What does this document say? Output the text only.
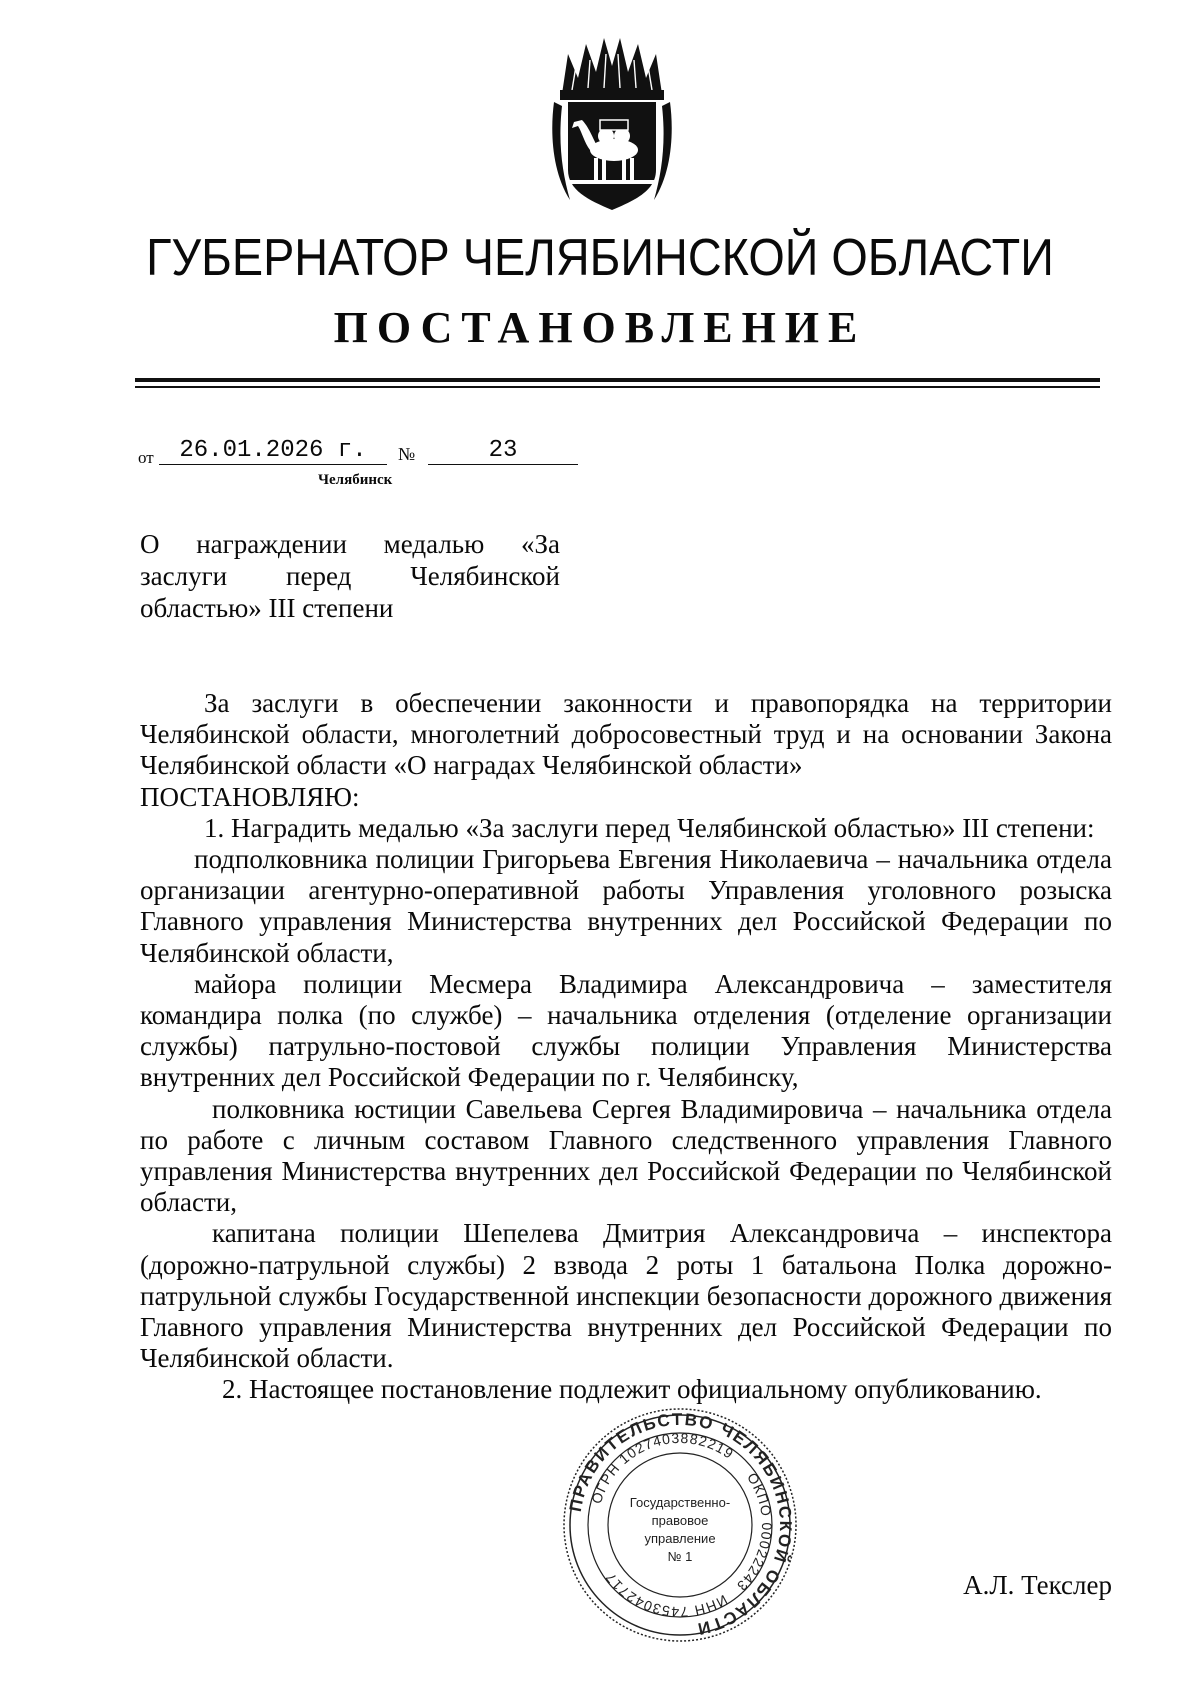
ГУБЕРНАТОР ЧЕЛЯБИНСКОЙ ОБЛАСТИ
ПОСТАНОВЛЕНИЕ
от	26.01.2026 г.	№	23
Челябинск
О награждении медалью «За
заслуги перед Челябинской
областью» III степени

За заслуги в обеспечении законности и правопорядка на территории Челябинской области, многолетний добросовестный труд и на основании Закона Челябинской области «О наградах Челябинской области»

ПОСТАНОВЛЯЮ:

1. Наградить медалью «За заслуги перед Челябинской областью» III степени:

подполковника полиции Григорьева Евгения Николаевича – начальника отдела организации агентурно-оперативной работы Управления уголовного розыска Главного управления Министерства внутренних дел Российской Федерации по Челябинской области,

майора полиции Месмера Владимира Александровича – заместителя командира полка (по службе) – начальника отделения (отделение организации службы) патрульно-постовой службы полиции Управления Министерства внутренних дел Российской Федерации по г. Челябинску,

полковника юстиции Савельева Сергея Владимировича – начальника отдела по работе с личным составом Главного следственного управления Главного управления Министерства внутренних дел Российской Федерации по Челябинской области,

капитана полиции Шепелева Дмитрия Александровича – инспектора (дорожно-патрульной службы) 2 взвода 2 роты 1 батальона Полка дорожно-патрульной службы Государственной инспекции безопасности дорожного движения Главного управления Министерства внутренних дел Российской Федерации по Челябинской области.

2. Настоящее постановление подлежит официальному опубликованию.

ПРАВИТЕЛЬСТВО ЧЕЛЯБИНСКОЙ ОБЛАСТИ
ОГРН 1027403882219
ОКПО 00022243
ИНН 7453042717
Государственно-
правовое
управление
№ 1
А.Л. Текслер
